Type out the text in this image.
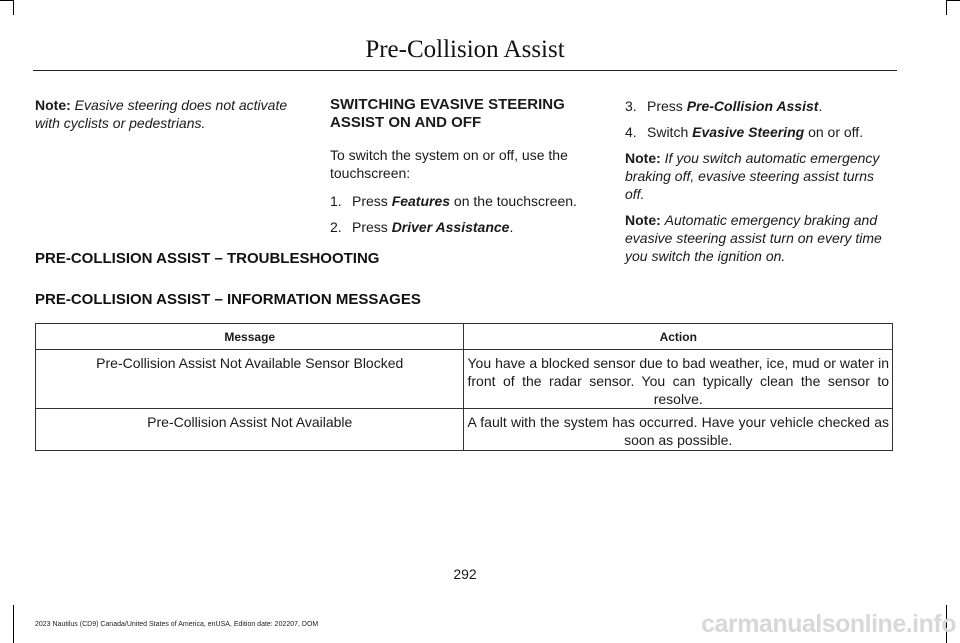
Pre-Collision Assist

Note: Evasive steering does not activate with cyclists or pedestrians.

SWITCHING EVASIVE STEERING ASSIST ON AND OFF

To switch the system on or off, use the touchscreen:

1. Press Features on the touchscreen.
2. Press Driver Assistance.
3. Press Pre-Collision Assist.
4. Switch Evasive Steering on or off.

Note: If you switch automatic emergency braking off, evasive steering assist turns off.

Note: Automatic emergency braking and evasive steering assist turn on every time you switch the ignition on.

PRE-COLLISION ASSIST – TROUBLESHOOTING
PRE-COLLISION ASSIST – INFORMATION MESSAGES
Message	Action
Pre-Collision Assist Not Available Sensor Blocked	You have a blocked sensor due to bad weather, ice, mud or water in front of the radar sensor. You can typically clean the sensor to resolve.
Pre-Collision Assist Not Available	A fault with the system has occurred. Have your vehicle checked as soon as possible.
292
2023 Nautilus (CD9) Canada/United States of America, enUSA, Edition date: 202207, DOM	carmanualsonline.info
